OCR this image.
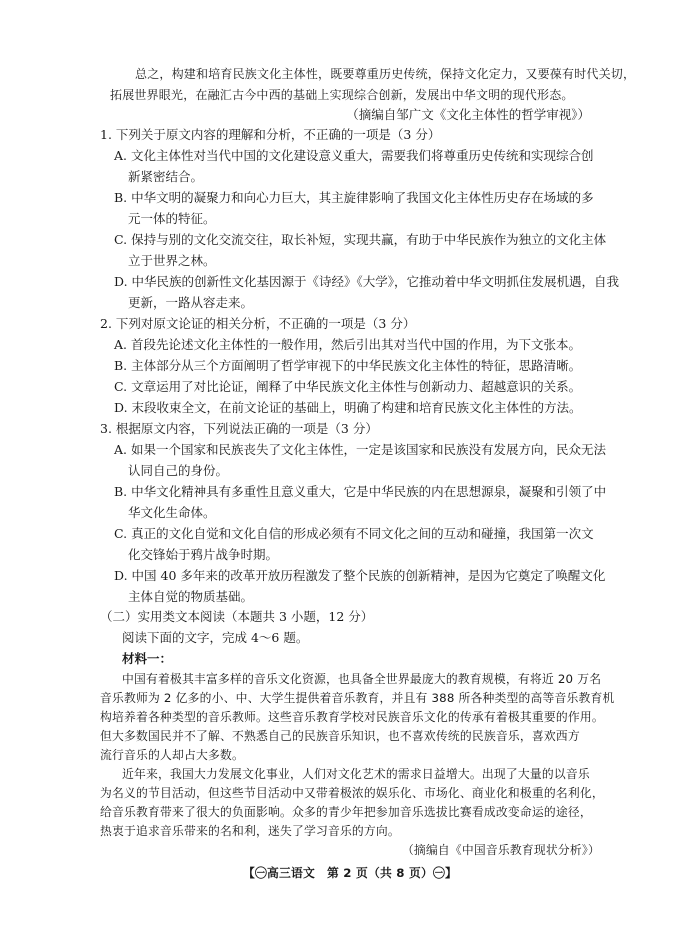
总之，构建和培育民族文化主体性，既要尊重历史传统，保持文化定力，又要葆有时代关切，
拓展世界眼光，在融汇古今中西的基础上实现综合创新，发展出中华文明的现代形态。
（摘编自邹广文《文化主体性的哲学审视》）
1. 下列关于原文内容的理解和分析，不正确的一项是（3 分）
A. 文化主体性对当代中国的文化建设意义重大，需要我们将尊重历史传统和实现综合创
新紧密结合。
B. 中华文明的凝聚力和向心力巨大，其主旋律影响了我国文化主体性历史存在场域的多
元一体的特征。
C. 保持与别的文化交流交往，取长补短，实现共赢，有助于中华民族作为独立的文化主体
立于世界之林。
D. 中华民族的创新性文化基因源于《诗经》《大学》，它推动着中华文明抓住发展机遇，自我
更新，一路从容走来。
2. 下列对原文论证的相关分析，不正确的一项是（3 分）
A. 首段先论述文化主体性的一般作用，然后引出其对当代中国的作用，为下文张本。
B. 主体部分从三个方面阐明了哲学审视下的中华民族文化主体性的特征，思路清晰。
C. 文章运用了对比论证，阐释了中华民族文化主体性与创新动力、超越意识的关系。
D. 末段收束全文，在前文论证的基础上，明确了构建和培育民族文化主体性的方法。
3. 根据原文内容，下列说法正确的一项是（3 分）
A. 如果一个国家和民族丧失了文化主体性，一定是该国家和民族没有发展方向，民众无法
认同自己的身份。
B. 中华文化精神具有多重性且意义重大，它是中华民族的内在思想源泉，凝聚和引领了中
华文化生命体。
C. 真正的文化自觉和文化自信的形成必须有不同文化之间的互动和碰撞，我国第一次文
化交锋始于鸦片战争时期。
D. 中国 40 多年来的改革开放历程激发了整个民族的创新精神，是因为它奠定了唤醒文化
主体自觉的物质基础。
（二）实用类文本阅读（本题共 3 小题，12 分）
阅读下面的文字，完成 4～6 题。
材料一：
中国有着极其丰富多样的音乐文化资源，也具备全世界最庞大的教育规模，有将近 20 万名
音乐教师为 2 亿多的小、中、大学生提供着音乐教育，并且有 388 所各种类型的高等音乐教育机
构培养着各种类型的音乐教师。这些音乐教育学校对民族音乐文化的传承有着极其重要的作用。
但大多数国民并不了解、不熟悉自己的民族音乐知识，也不喜欢传统的民族音乐，喜欢西方
流行音乐的人却占大多数。
近年来，我国大力发展文化事业，人们对文化艺术的需求日益增大。出现了大量的以音乐
为名义的节目活动，但这些节目活动中又带着极浓的娱乐化、市场化、商业化和极重的名利化，
给音乐教育带来了很大的负面影响。众多的青少年把参加音乐选拔比赛看成改变命运的途径，
热衷于追求音乐带来的名和利，迷失了学习音乐的方向。
（摘编自《中国音乐教育现状分析》）
【㊀高三语文　第 2 页（共 8 页）㊀】
